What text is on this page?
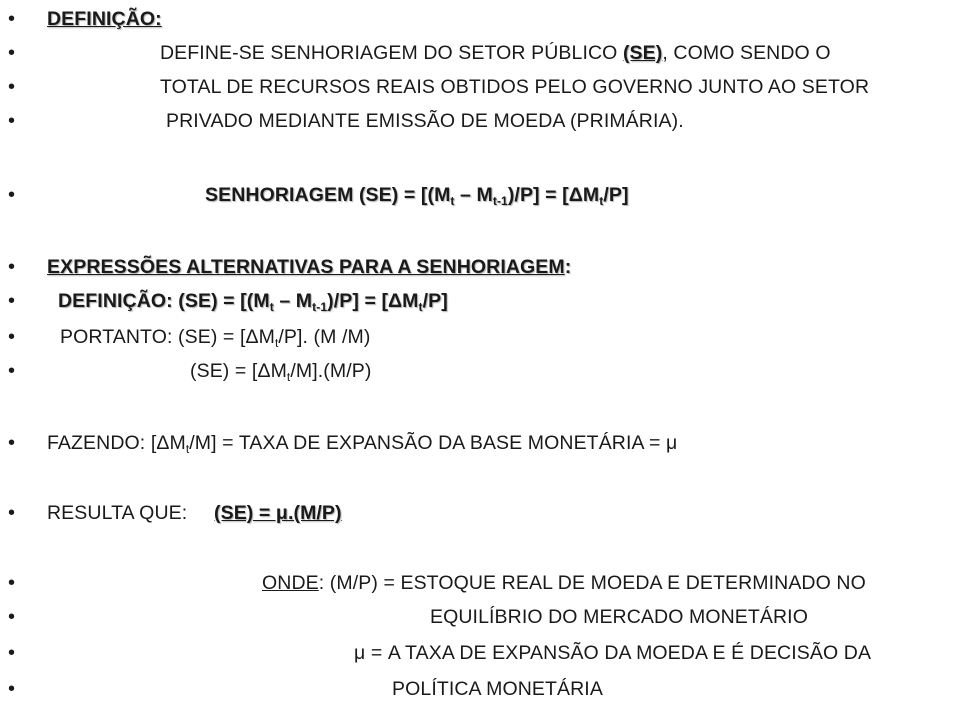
• DEFINIÇÃO:
•	DEFINE-SE SENHORIAGEM DO SETOR PÚBLICO (SE), COMO SENDO O
•	TOTAL DE RECURSOS REAIS OBTIDOS PELO GOVERNO JUNTO AO SETOR
•	PRIVADO MEDIANTE EMISSÃO DE MOEDA (PRIMÁRIA).
•	SENHORIAGEM $(SE) = [(M_t - M_{t-1})/P] = [\Delta M_t/P]$
• EXPRESSÕES ALTERNATIVAS PARA A SENHORIAGEM:
• DEFINIÇÃO: $(SE) = [(M_t - M_{t-1})/P] = [\Delta M_t/P]$
• PORTANTO: $(SE) = [\Delta M_t/P]$. (M /M)
•	$(SE) = [\Delta M_t/M].(M/P)$
• FAZENDO: $[\Delta M_t/M]$ = TAXA DE EXPANSÃO DA BASE MONETÁRIA = μ
• RESULTA QUE: (SE) = μ.(M/P)
•	ONDE: (M/P) = ESTOQUE REAL DE MOEDA E DETERMINADO NO
•	EQUILÍBRIO DO MERCADO MONETÁRIO
•	μ = A TAXA DE EXPANSÃO DA MOEDA E É DECISÃO DA
•	POLÍTICA MONETÁRIA
